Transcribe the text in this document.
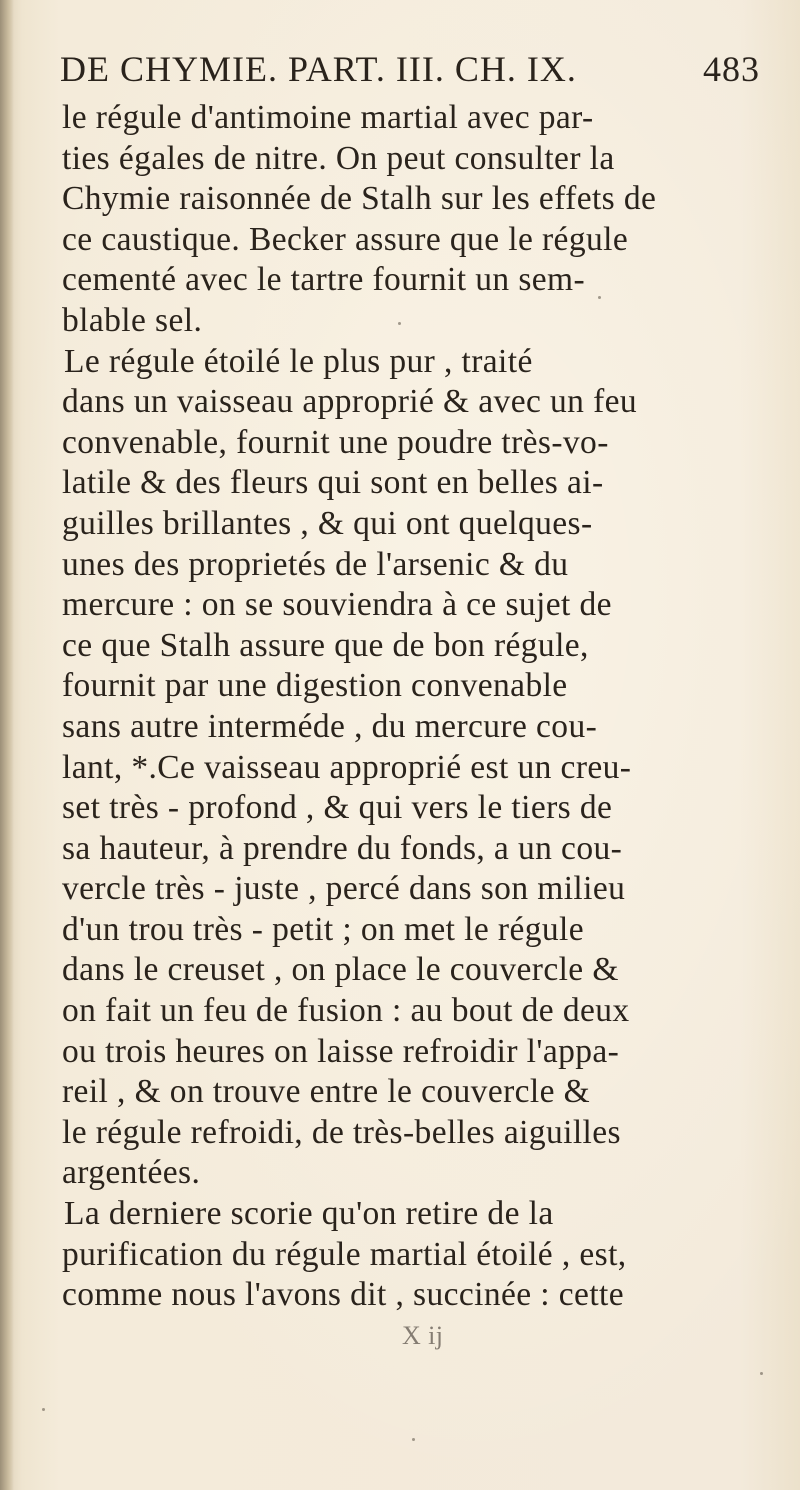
DE CHYMIE. PART. III. CH. IX.	483
le régule d'antimoine martial avec par-
ties égales de nitre. On peut consulter la
Chymie raisonnée de Stalh sur les effets de
ce caustique. Becker assure que le régule
cementé avec le tartre fournit un sem-
blable sel.
Le régule étoilé le plus pur , traité
dans un vaisseau approprié & avec un feu
convenable, fournit une poudre très-vo-
latile & des fleurs qui sont en belles ai-
guilles brillantes , & qui ont quelques-
unes des proprietés de l'arsenic & du
mercure : on se souviendra à ce sujet de
ce que Stalh assure que de bon régule,
fournit par une digestion convenable
sans autre interméde , du mercure cou-
lant, *.Ce vaisseau approprié est un creu-
set très - profond , & qui vers le tiers de
sa hauteur, à prendre du fonds, a un cou-
vercle très - juste , percé dans son milieu
d'un trou très - petit ; on met le régule
dans le creuset , on place le couvercle &
on fait un feu de fusion : au bout de deux
ou trois heures on laisse refroidir l'appa-
reil , & on trouve entre le couvercle &
le régule refroidi, de très-belles aiguilles
argentées.
La derniere scorie qu'on retire de la
purification du régule martial étoilé , est,
comme nous l'avons dit , succinée : cette
X ij
